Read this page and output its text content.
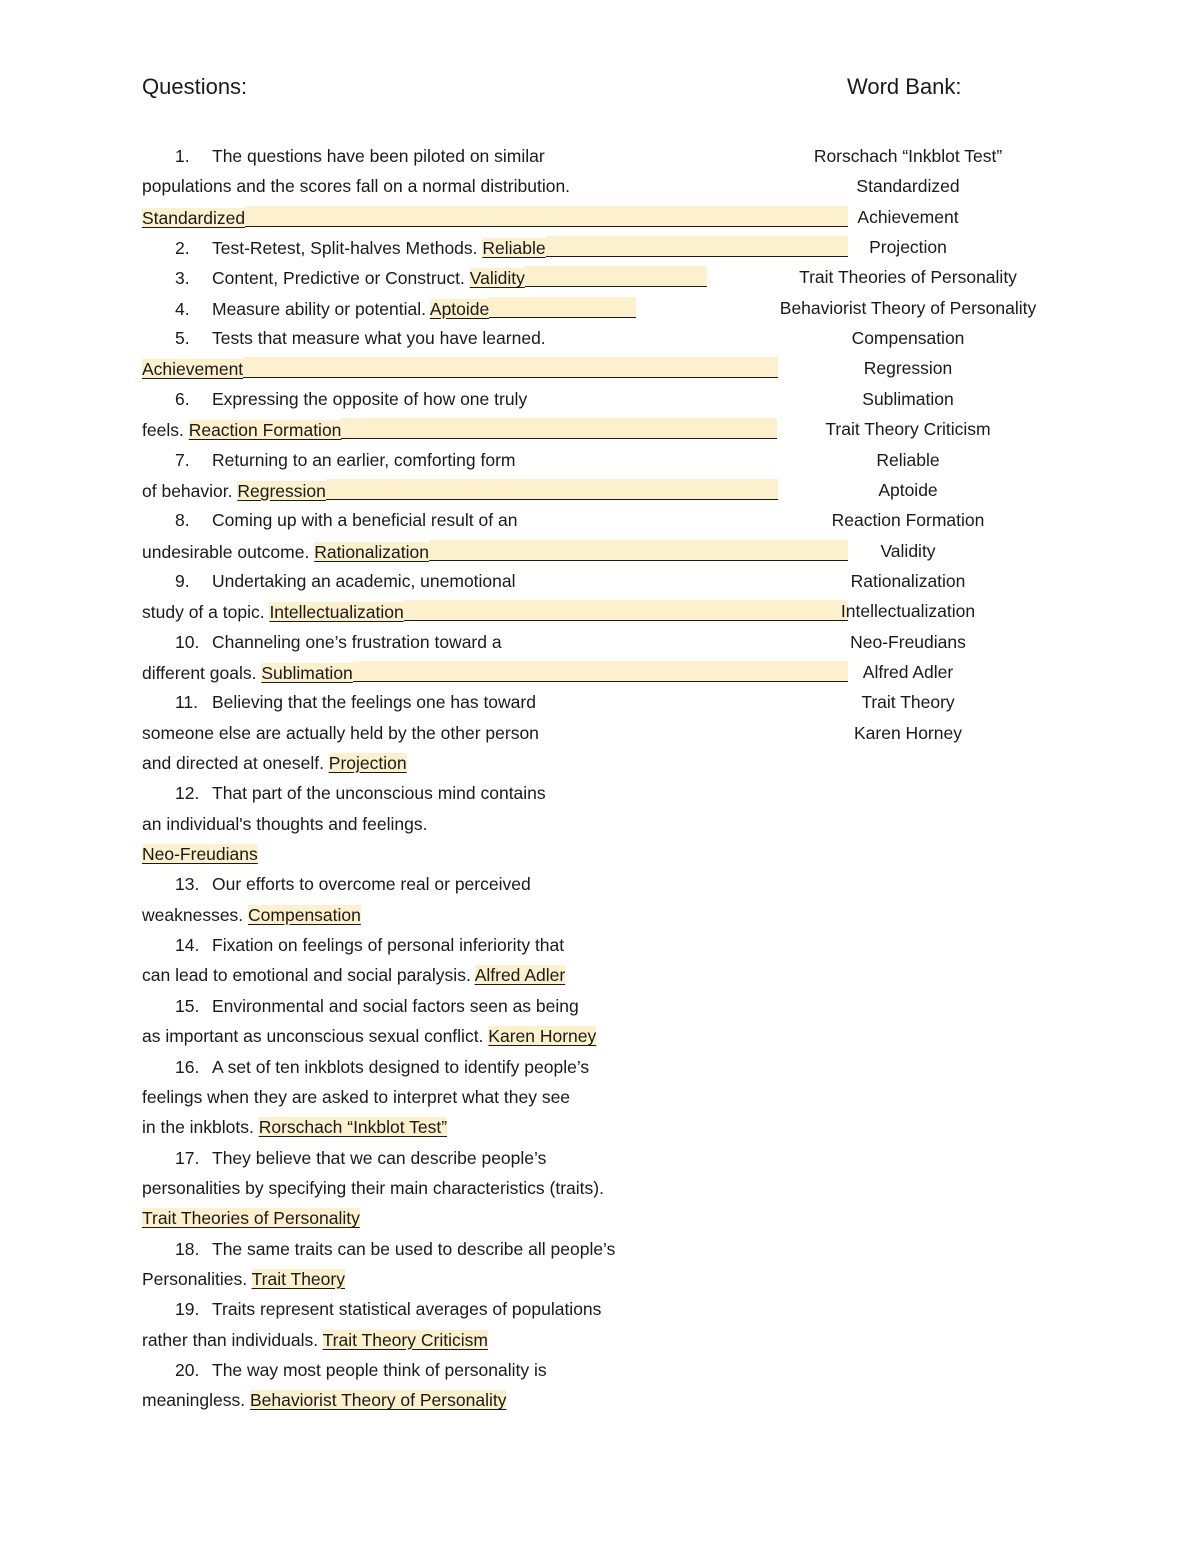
Questions:	Word Bank:
1. The questions have been piloted on similar
populations and the scores fall on a normal distribution.
Standardized
2. Test-Retest, Split-halves Methods. Reliable
3. Content, Predictive or Construct. Validity
4. Measure ability or potential. Aptoide
5. Tests that measure what you have learned.
Achievement
6. Expressing the opposite of how one truly
feels. Reaction Formation
7. Returning to an earlier, comforting form
of behavior. Regression
8. Coming up with a beneficial result of an
undesirable outcome. Rationalization
9. Undertaking an academic, unemotional
study of a topic. Intellectualization
10. Channeling one’s frustration toward a
different goals. Sublimation
11. Believing that the feelings one has toward
someone else are actually held by the other person
and directed at oneself. Projection
12. That part of the unconscious mind contains
an individual's thoughts and feelings.
Neo-Freudians
13. Our efforts to overcome real or perceived
weaknesses. Compensation
14. Fixation on feelings of personal inferiority that
can lead to emotional and social paralysis. Alfred Adler
15. Environmental and social factors seen as being
as important as unconscious sexual conflict. Karen Horney
16. A set of ten inkblots designed to identify people’s
feelings when they are asked to interpret what they see
in the inkblots. Rorschach “Inkblot Test”
17. They believe that we can describe people’s
personalities by specifying their main characteristics (traits).
Trait Theories of Personality
18. The same traits can be used to describe all people’s
Personalities. Trait Theory
19. Traits represent statistical averages of populations
rather than individuals. Trait Theory Criticism
20. The way most people think of personality is
meaningless. Behaviorist Theory of Personality
Rorschach “Inkblot Test”
Standardized
Achievement
Projection
Trait Theories of Personality
Behaviorist Theory of Personality
Compensation
Regression
Sublimation
Trait Theory Criticism
Reliable
Aptoide
Reaction Formation
Validity
Rationalization
Intellectualization
Neo-Freudians
Alfred Adler
Trait Theory
Karen Horney
